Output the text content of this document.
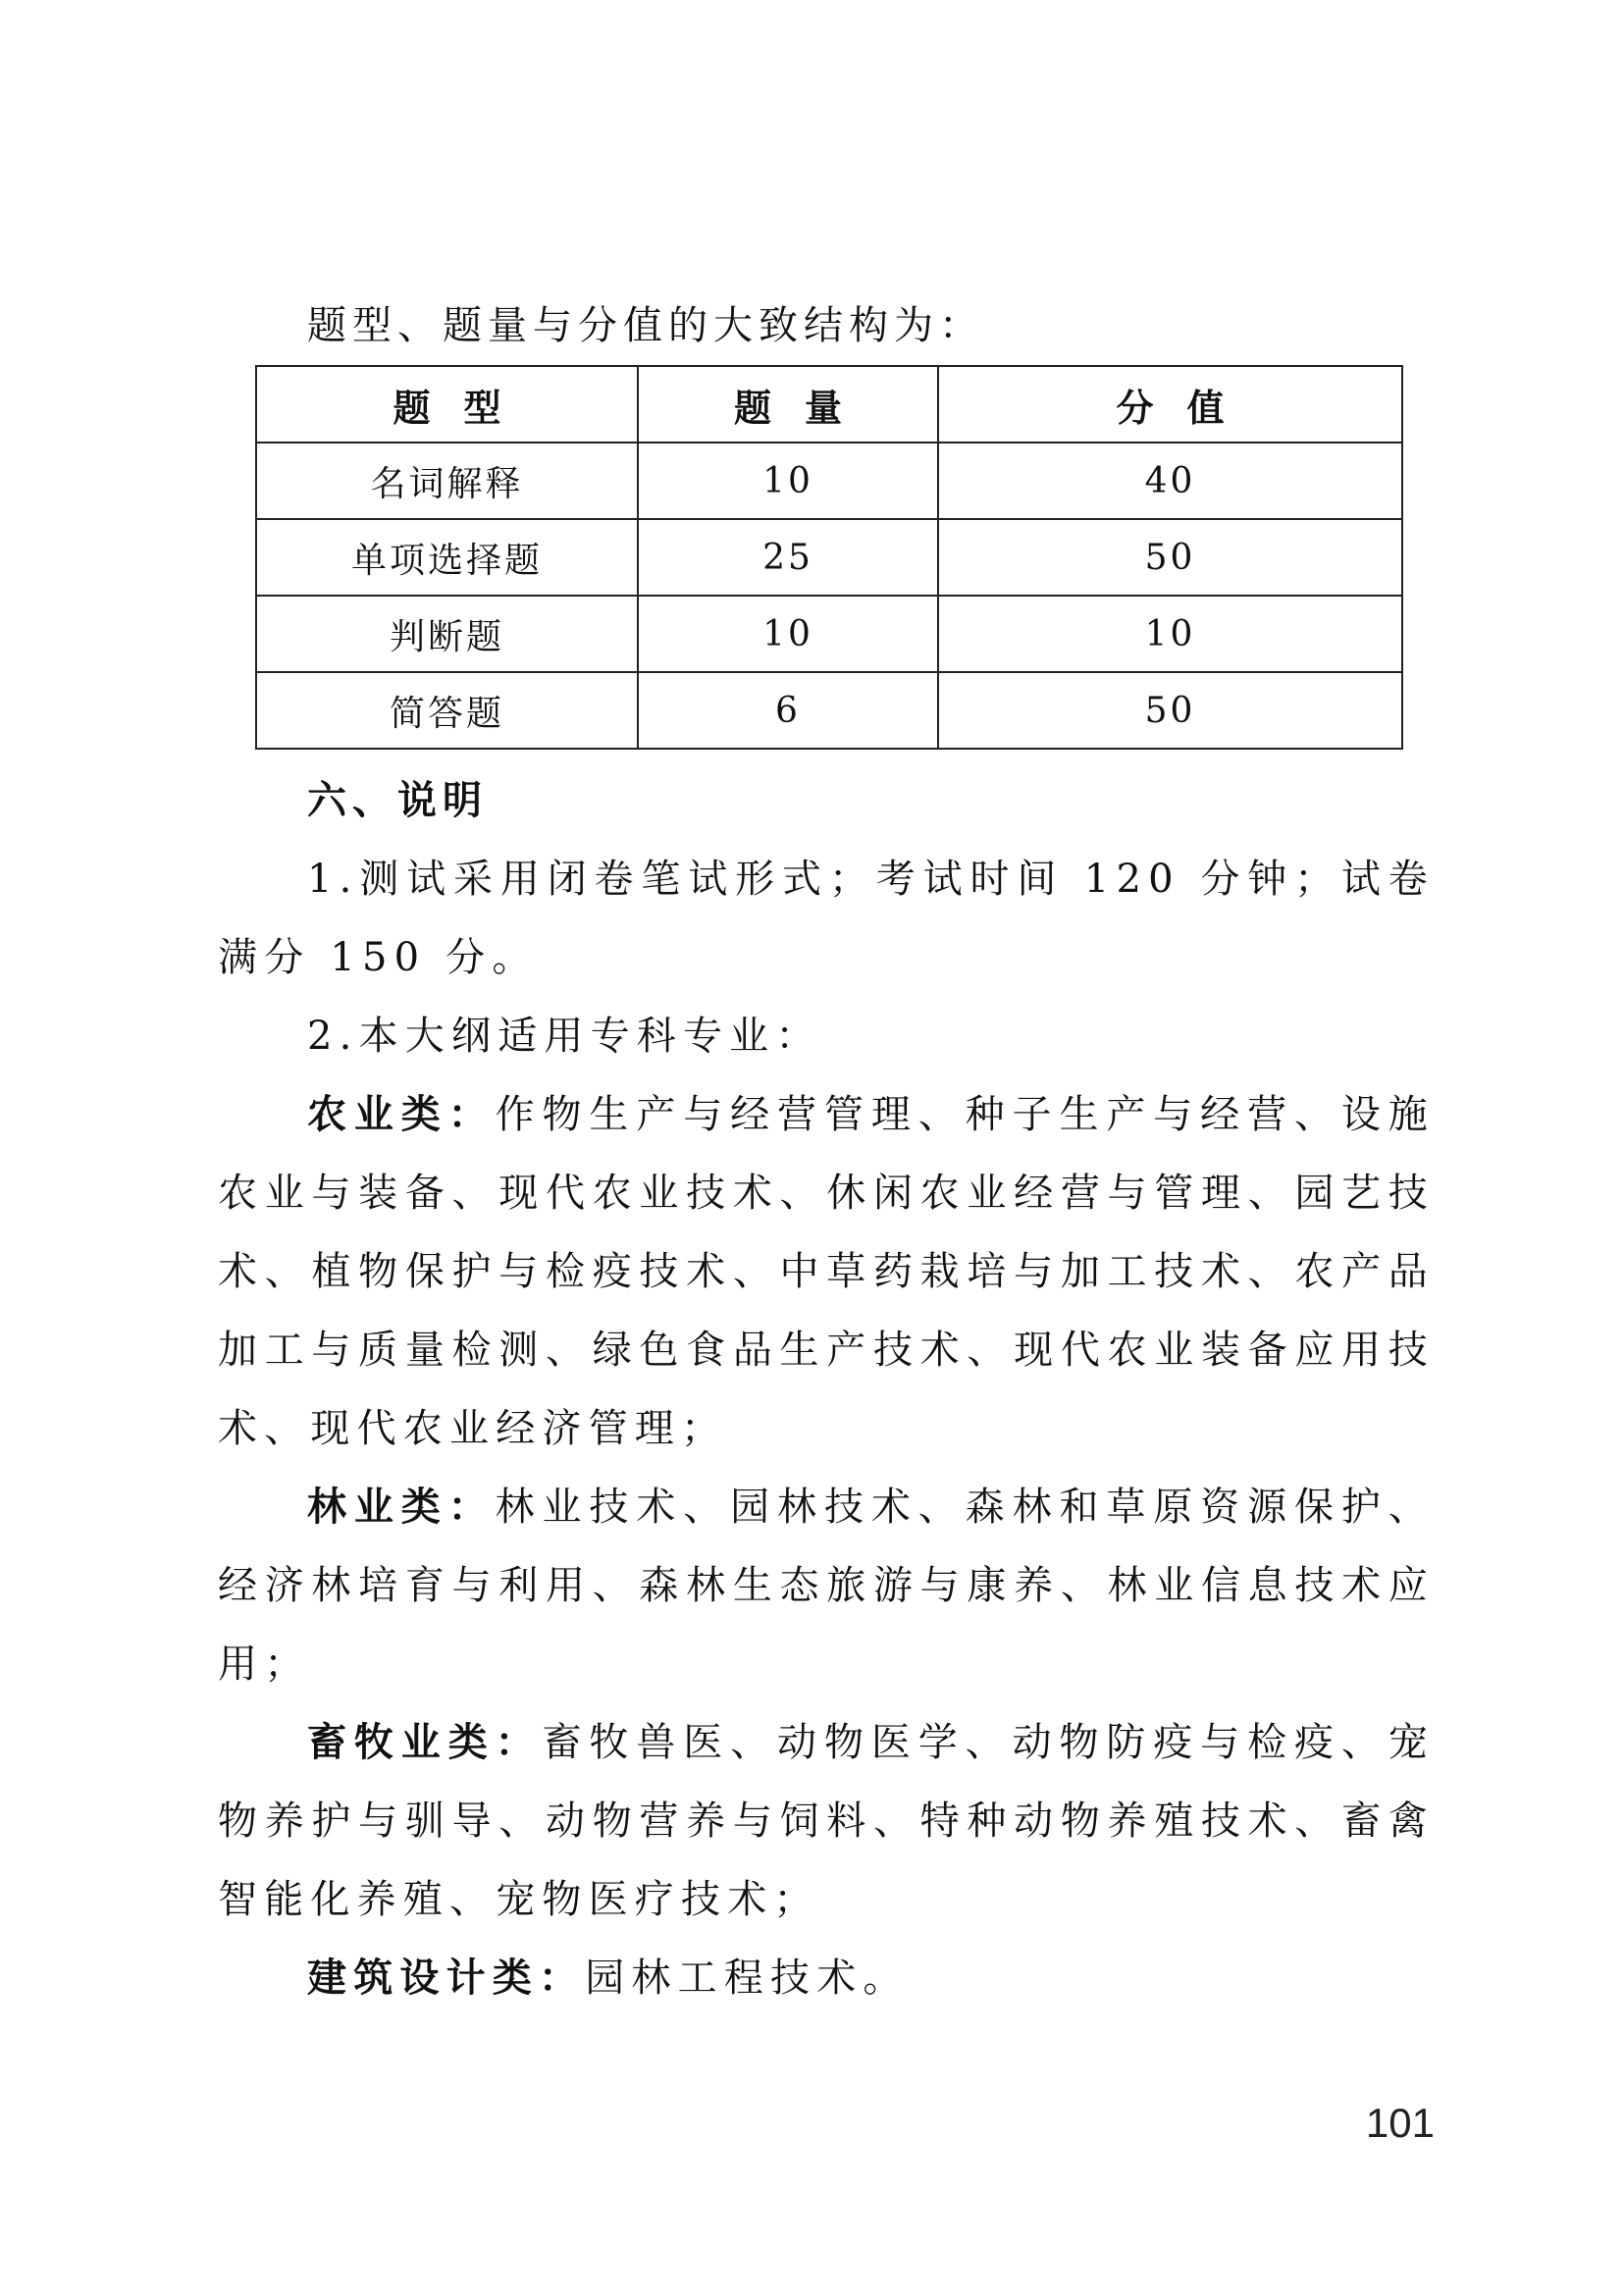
题型、题量与分值的大致结构为：
题型	题量	分值
名词解释	10	40
单项选择题	25	50
判断题	10	10
简答题	6	50
六、说明

1.测试采用闭卷笔试形式；考试时间 120 分钟；试卷满分 150 分。

2.本大纲适用专科专业：

农业类：作物生产与经营管理、种子生产与经营、设施农业与装备、现代农业技术、休闲农业经营与管理、园艺技术、植物保护与检疫技术、中草药栽培与加工技术、农产品加工与质量检测、绿色食品生产技术、现代农业装备应用技术、现代农业经济管理；

林业类：林业技术、园林技术、森林和草原资源保护、经济林培育与利用、森林生态旅游与康养、林业信息技术应用；

畜牧业类：畜牧兽医、动物医学、动物防疫与检疫、宠物养护与驯导、动物营养与饲料、特种动物养殖技术、畜禽智能化养殖、宠物医疗技术；

建筑设计类：园林工程技术。

101
